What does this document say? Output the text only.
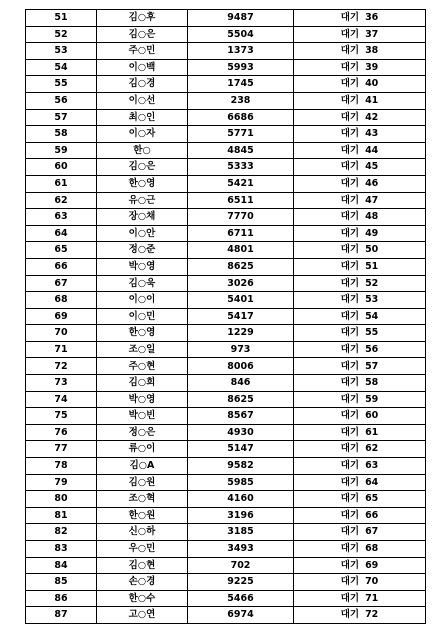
51	김○후	9487	대기 36
52	김○은	5504	대기 37
53	주○민	1373	대기 38
54	이○백	5993	대기 39
55	김○경	1745	대기 40
56	이○선	238	대기 41
57	최○인	6686	대기 42
58	이○자	5771	대기 43
59	한○	4845	대기 44
60	김○은	5333	대기 45
61	한○영	5421	대기 46
62	유○근	6511	대기 47
63	장○채	7770	대기 48
64	이○안	6711	대기 49
65	정○준	4801	대기 50
66	박○영	8625	대기 51
67	김○욱	3026	대기 52
68	이○이	5401	대기 53
69	이○민	5417	대기 54
70	한○영	1229	대기 55
71	조○일	973	대기 56
72	주○현	8006	대기 57
73	김○희	846	대기 58
74	박○영	8625	대기 59
75	박○빈	8567	대기 60
76	정○은	4930	대기 61
77	류○이	5147	대기 62
78	김○A	9582	대기 63
79	김○원	5985	대기 64
80	조○혁	4160	대기 65
81	한○원	3196	대기 66
82	신○하	3185	대기 67
83	우○민	3493	대기 68
84	김○현	702	대기 69
85	손○경	9225	대기 70
86	한○수	5466	대기 71
87	고○연	6974	대기 72
